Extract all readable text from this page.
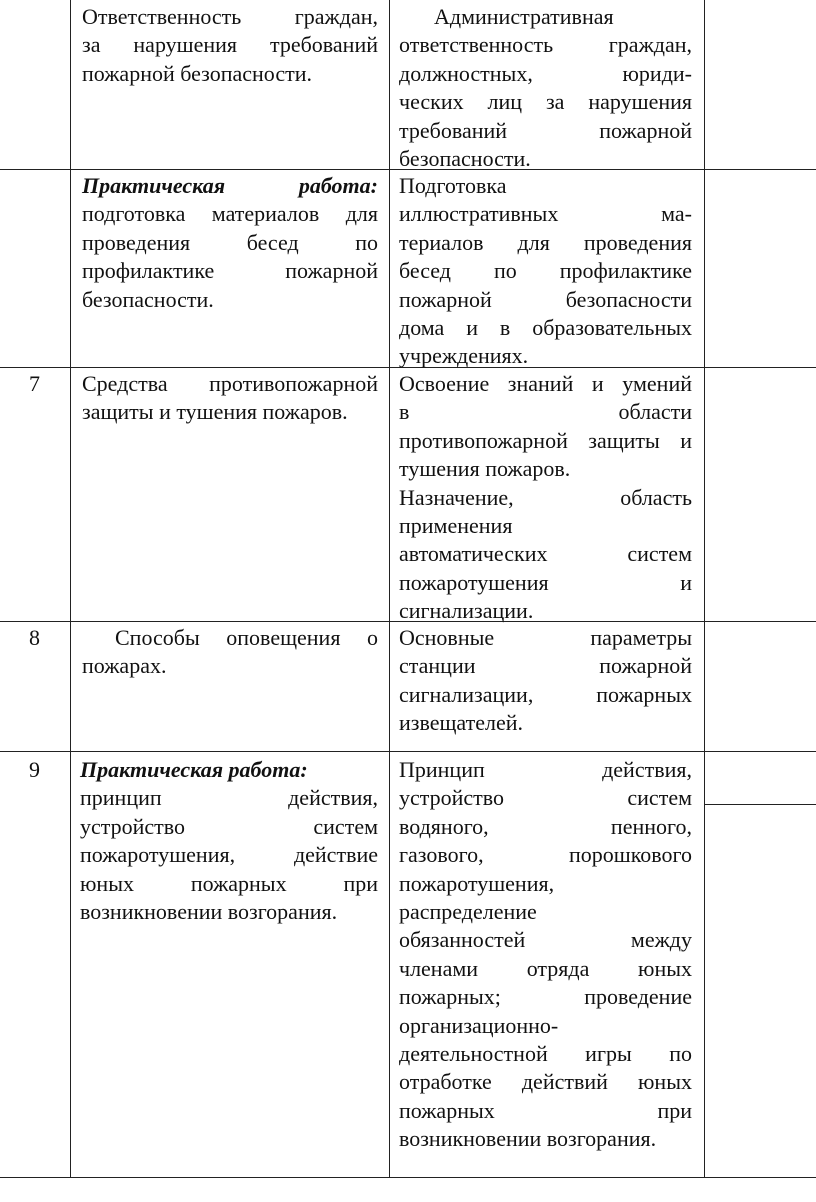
Ответственность граждан,
за нарушения требований
пожарной безопасности.
Административная
ответственность граждан,
должностных, юриди-
ческих лиц за нарушения
требований пожарной
безопасности.
Практическая работа:
подготовка материалов для
проведения бесед по
профилактике пожарной
безопасности.
Подготовка
иллюстративных ма-
териалов для проведения
бесед по профилактике
пожарной безопасности
дома и в образовательных
учреждениях.
7 Средства противопожарной
защиты и тушения пожаров.
Освоение знаний и умений
в области
противопожарной защиты и
тушения пожаров.
Назначение, область
применения
автоматических систем
пожаротушения и
сигнализации.
8	Способы оповещения о
пожарах.
Основные параметры
станции пожарной
сигнализации, пожарных
извещателей.
9 Практическая работа:
принцип действия,
устройство систем
пожаротушения, действие
юных пожарных при
возникновении возгорания.
Принцип действия,
устройство систем
водяного, пенного,
газового, порошкового
пожаротушения,
распределение
обязанностей между
членами отряда юных
пожарных; проведение
организационно-
деятельностной игры по
отработке действий юных
пожарных при
возникновении возгорания.
